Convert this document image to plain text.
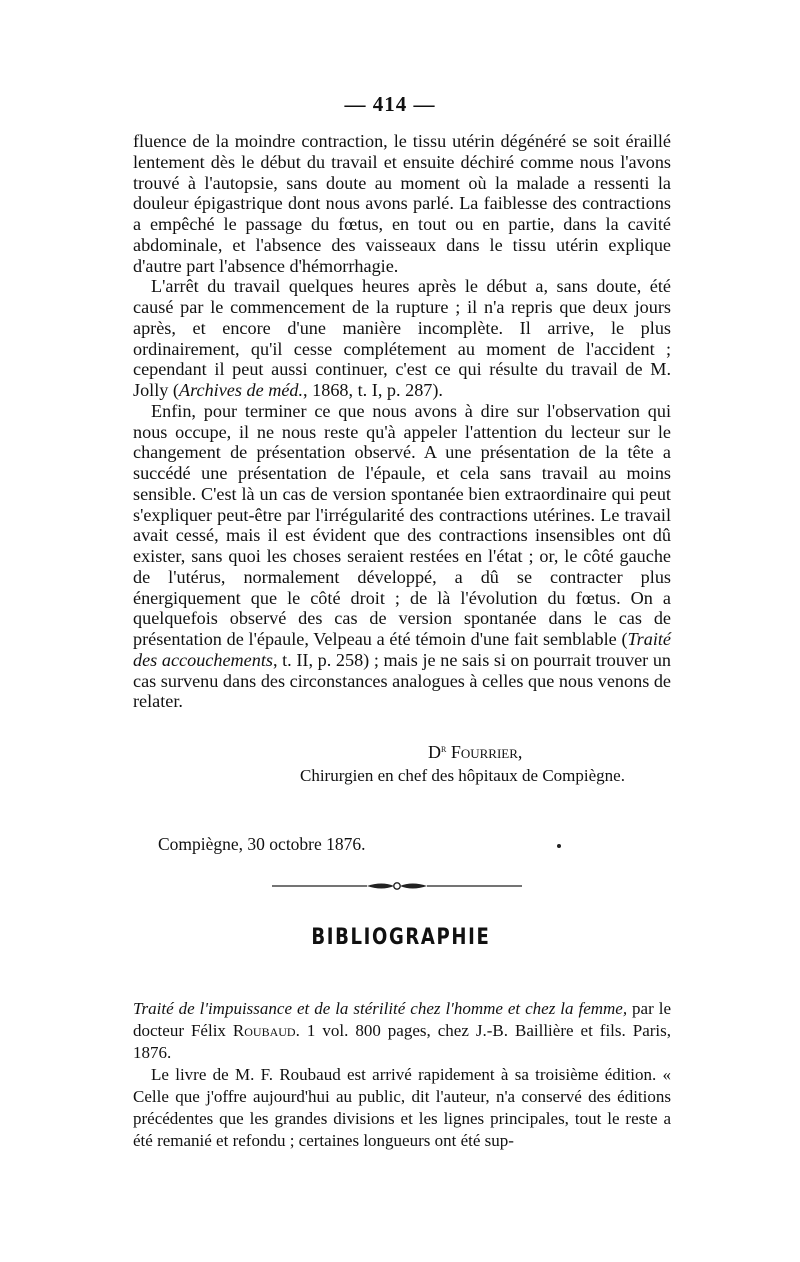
— 414 —

fluence de la moindre contraction, le tissu utérin dégénéré se soit éraillé lentement dès le début du travail et ensuite déchiré comme nous l'avons trouvé à l'autopsie, sans doute au moment où la malade a ressenti la douleur épigastrique dont nous avons parlé. La faiblesse des contractions a empêché le passage du fœtus, en tout ou en partie, dans la cavité abdominale, et l'absence des vaisseaux dans le tissu utérin explique d'autre part l'absence d'hémorrhagie.

L'arrêt du travail quelques heures après le début a, sans doute, été causé par le commencement de la rupture ; il n'a repris que deux jours après, et encore d'une manière incomplète. Il arrive, le plus ordinairement, qu'il cesse complétement au moment de l'accident ; cependant il peut aussi continuer, c'est ce qui résulte du travail de M. Jolly (Archives de méd., 1868, t. I, p. 287).

Enfin, pour terminer ce que nous avons à dire sur l'observation qui nous occupe, il ne nous reste qu'à appeler l'attention du lecteur sur le changement de présentation observé. A une présentation de la tête a succédé une présentation de l'épaule, et cela sans travail au moins sensible. C'est là un cas de version spontanée bien extraordinaire qui peut s'expliquer peut-être par l'irrégularité des contractions utérines. Le travail avait cessé, mais il est évident que des contractions insensibles ont dû exister, sans quoi les choses seraient restées en l'état ; or, le côté gauche de l'utérus, normalement développé, a dû se contracter plus énergiquement que le côté droit ; de là l'évolution du fœtus. On a quelquefois observé des cas de version spontanée dans le cas de présentation de l'épaule, Velpeau a été témoin d'une fait semblable (Traité des accouchements, t. II, p. 258) ; mais je ne sais si on pourrait trouver un cas survenu dans des circonstances analogues à celles que nous venons de relater.

$D^r$ Fourrier,
Chirurgien en chef des hôpitaux de Compiègne.
Compiègne, 30 octobre 1876.
BIBLIOGRAPHIE

Traité de l'impuissance et de la stérilité chez l'homme et chez la femme, par le docteur Félix Roubaud. 1 vol. 800 pages, chez J.-B. Baillière et fils. Paris, 1876.

Le livre de M. F. Roubaud est arrivé rapidement à sa troisième édition. « Celle que j'offre aujourd'hui au public, dit l'auteur, n'a conservé des éditions précédentes que les grandes divisions et les lignes principales, tout le reste a été remanié et refondu ; certaines longueurs ont été sup-
